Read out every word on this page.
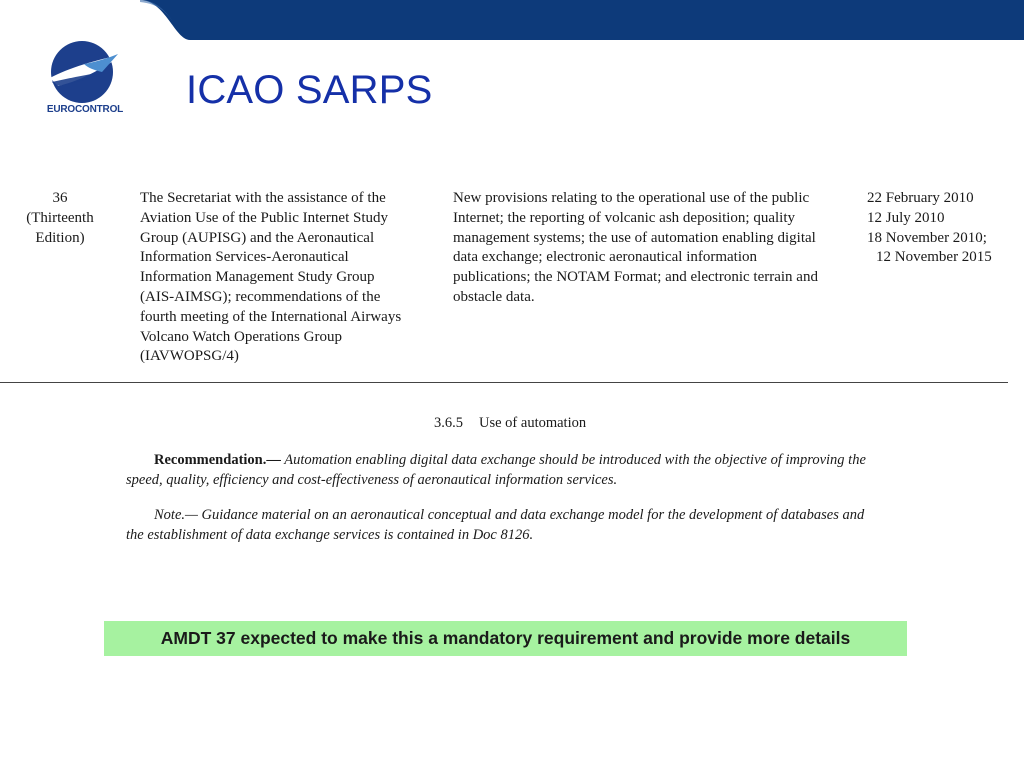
EUROCONTROL ICAO SARPS
36
(Thirteenth
Edition)
The Secretariat with the assistance of the
Aviation Use of the Public Internet Study
Group (AUPISG) and the Aeronautical
Information Services-Aeronautical
Information Management Study Group
(AIS-AIMSG); recommendations of the
fourth meeting of the International Airways
Volcano Watch Operations Group
(IAVWOPSG/4)
New provisions relating to the operational use of the public
Internet; the reporting of volcanic ash deposition; quality
management systems; the use of automation enabling digital
data exchange; electronic aeronautical information
publications; the NOTAM Format; and electronic terrain and
obstacle data.
22 February 2010
12 July 2010
18 November 2010;
12 November 2015
3.6.5 Use of automation
Recommendation.— Automation enabling digital data exchange should be introduced with the objective of improving the
speed, quality, efficiency and cost-effectiveness of aeronautical information services.
Note.— Guidance material on an aeronautical conceptual and data exchange model for the development of databases and
the establishment of data exchange services is contained in Doc 8126.
AMDT 37 expected to make this a mandatory requirement and provide more details
